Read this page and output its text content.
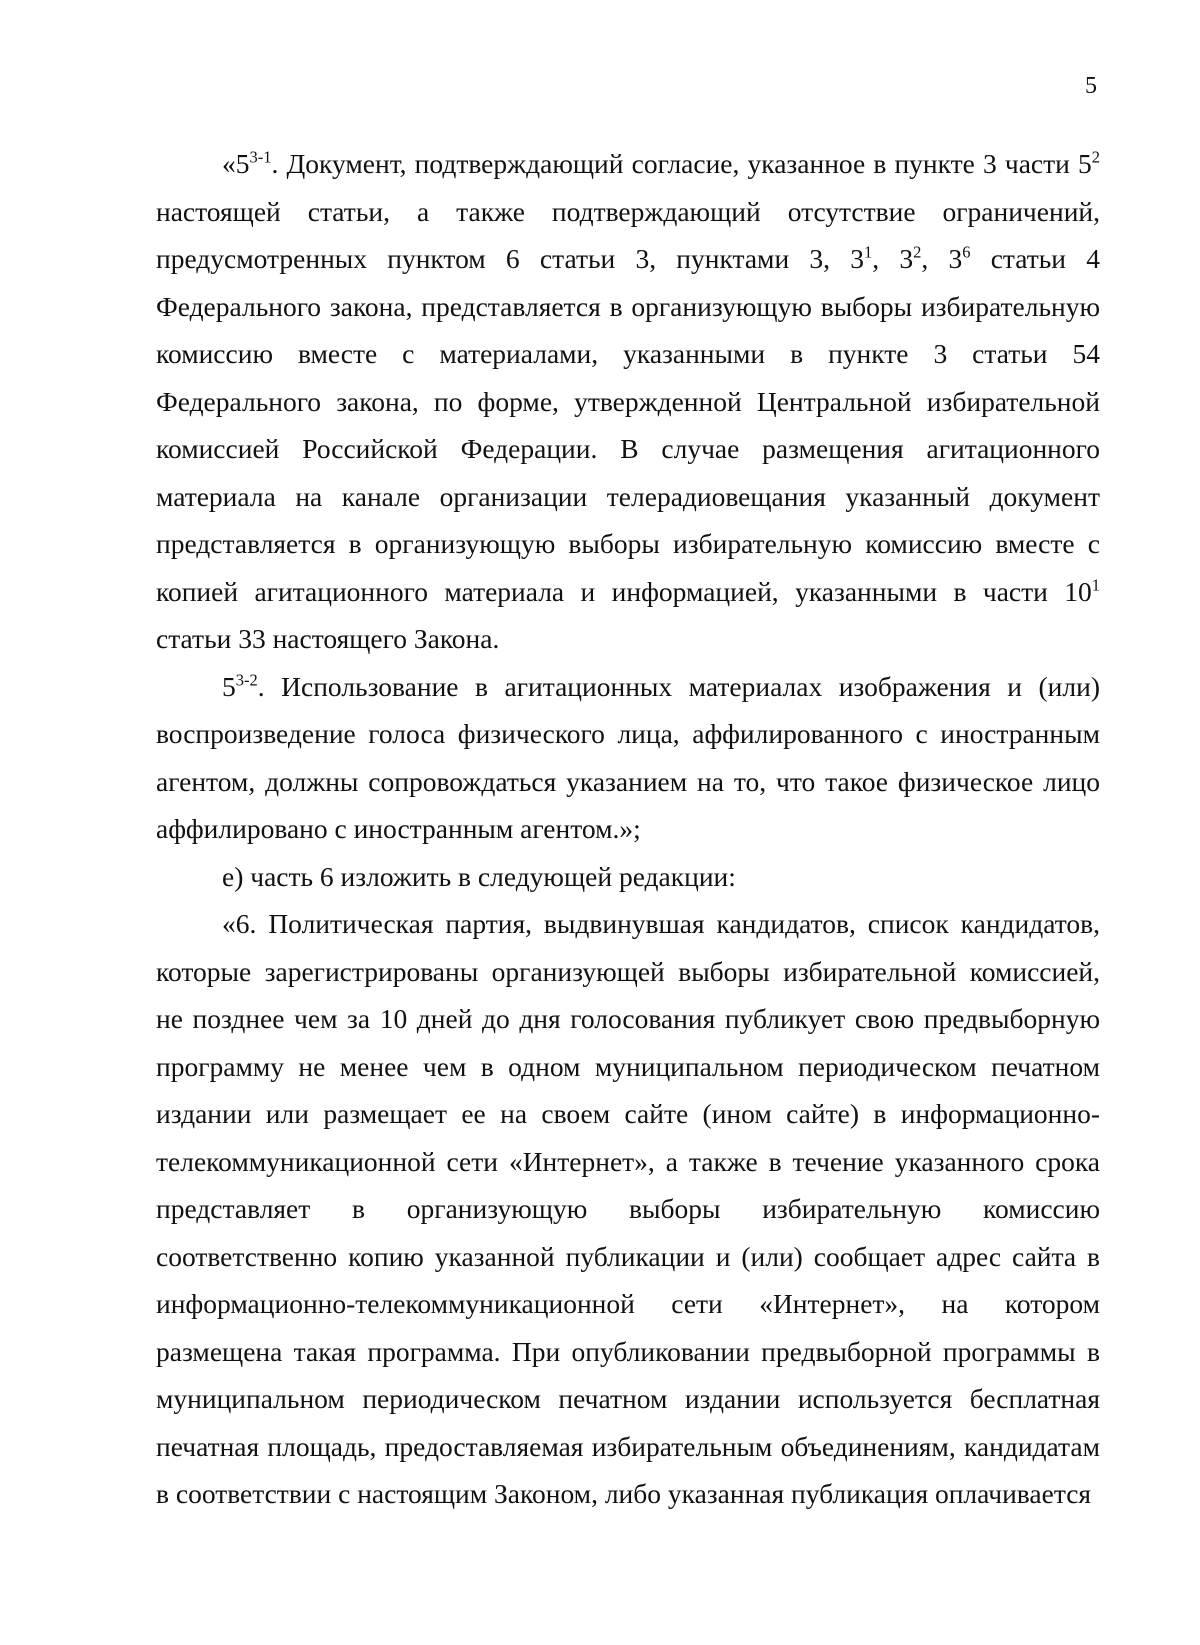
5

«5$^{3-1}$. Документ, подтверждающий согласие, указанное в пункте 3 части $5^2$ настоящей статьи, а также подтверждающий отсутствие ограничений, предусмотренных пунктом 6 статьи 3, пунктами 3, $3^1$, $3^2$, $3^6$ статьи 4 Федерального закона, представляется в организующую выборы избирательную комиссию вместе с материалами, указанными в пункте 3 статьи 54 Федерального закона, по форме, утвержденной Центральной избирательной комиссией Российской Федерации. В случае размещения агитационного материала на канале организации телерадиовещания указанный документ представляется в организующую выборы избирательную комиссию вместе с копией агитационного материала и информацией, указанными в части $10^1$ статьи 33 настоящего Закона.

5$^{3-2}$. Использование в агитационных материалах изображения и (или) воспроизведение голоса физического лица, аффилированного с иностранным агентом, должны сопровождаться указанием на то, что такое физическое лицо аффилировано с иностранным агентом.»;

е) часть 6 изложить в следующей редакции:

«6. Политическая партия, выдвинувшая кандидатов, список кандидатов, которые зарегистрированы организующей выборы избирательной комиссией, не позднее чем за 10 дней до дня голосования публикует свою предвыборную программу не менее чем в одном муниципальном периодическом печатном издании или размещает ее на своем сайте (ином сайте) в информационно-телекоммуникационной сети «Интернет», а также в течение указанного срока представляет в организующую выборы избирательную комиссию соответственно копию указанной публикации и (или) сообщает адрес сайта в информационно-телекоммуникационной сети «Интернет», на котором размещена такая программа. При опубликовании предвыборной программы в муниципальном периодическом печатном издании используется бесплатная печатная площадь, предоставляемая избирательным объединениям, кандидатам в соответствии с настоящим Законом, либо указанная публикация оплачивается
